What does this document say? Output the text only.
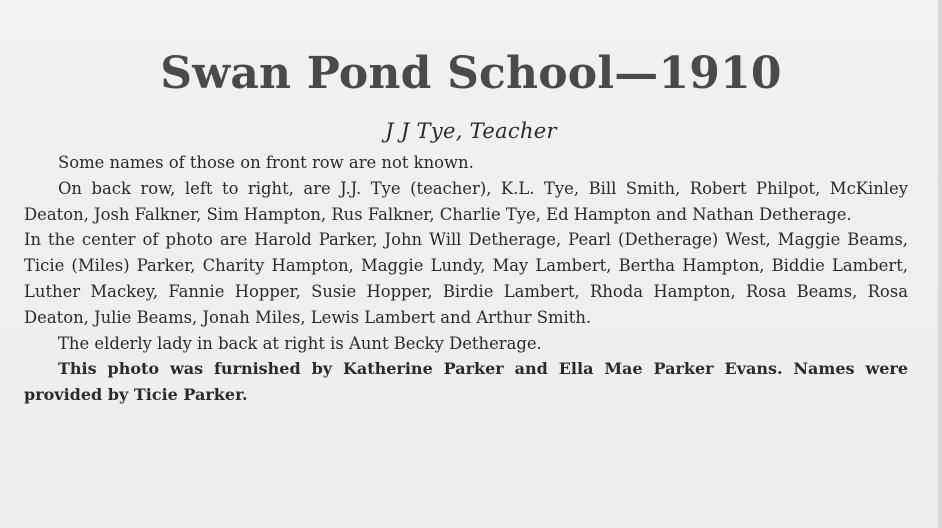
Swan Pond School—1910
J J Tye, Teacher

Some names of those on front row are not known.

On back row, left to right, are J.J. Tye (teacher), K.L. Tye, Bill Smith, Robert Philpot, McKinley Deaton, Josh Falkner, Sim Hampton, Rus Falkner, Charlie Tye, Ed Hampton and Nathan Detherage.

In the center of photo are Harold Parker, John Will Detherage, Pearl (Detherage) West, Maggie Beams, Ticie (Miles) Parker, Charity Hampton, Maggie Lundy, May Lambert, Bertha Hampton, Biddie Lambert, Luther Mackey, Fannie Hopper, Susie Hopper, Birdie Lambert, Rhoda Hampton, Rosa Beams, Rosa Deaton, Julie Beams, Jonah Miles, Lewis Lambert and Arthur Smith.

The elderly lady in back at right is Aunt Becky Detherage.

This photo was furnished by Katherine Parker and Ella Mae Parker Evans. Names were provided by Ticie Parker.
